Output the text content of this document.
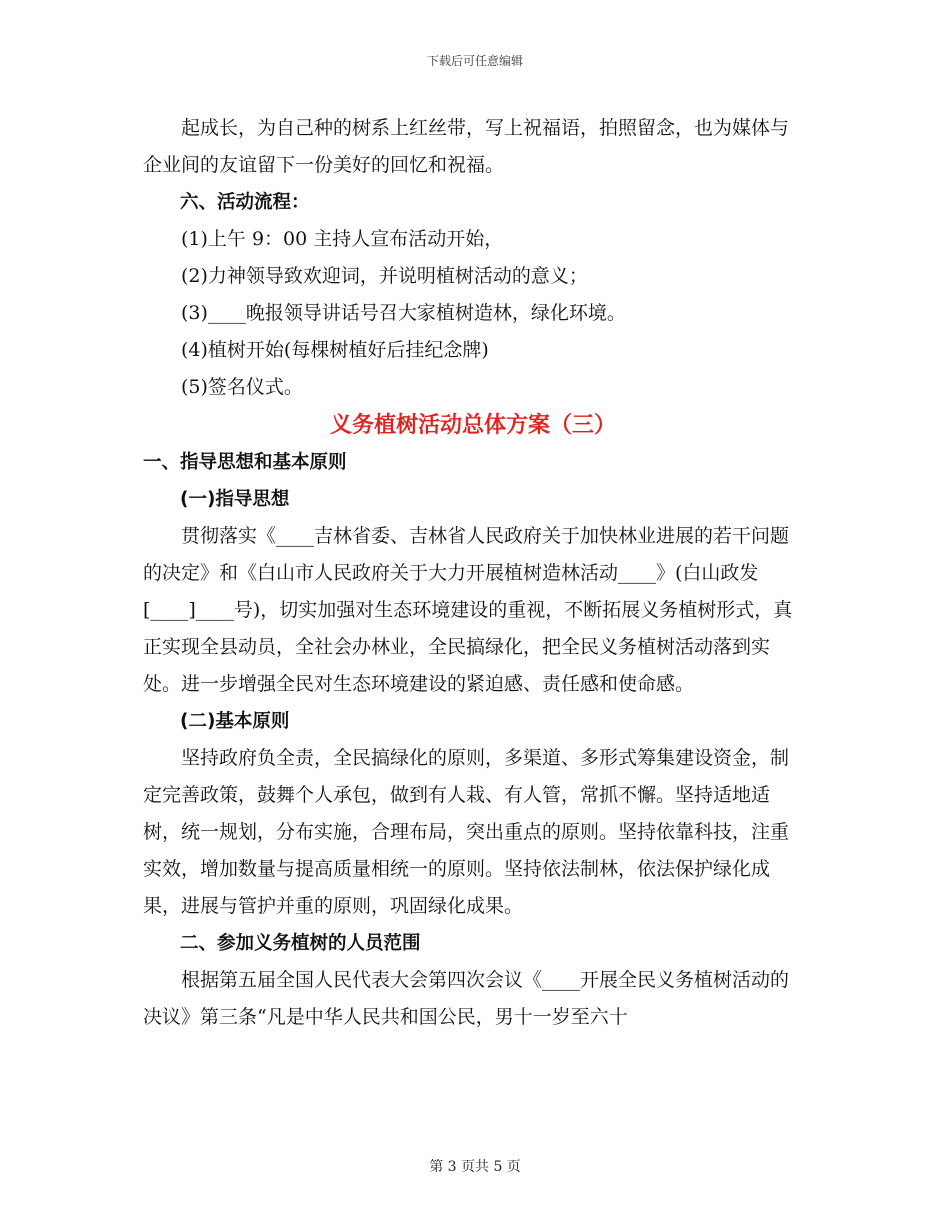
下载后可任意编辑

起成长，为自己种的树系上红丝带，写上祝福语，拍照留念，也为媒体与企业间的友谊留下一份美好的回忆和祝福。

六、活动流程：

(1)上午 9：00 主持人宣布活动开始，

(2)力神领导致欢迎词，并说明植树活动的意义；

(3)____晚报领导讲话号召大家植树造林，绿化环境。

(4)植树开始(每棵树植好后挂纪念牌)

(5)签名仪式。

义务植树活动总体方案（三）

一、指导思想和基本原则

(一)指导思想

贯彻落实《____吉林省委、吉林省人民政府关于加快林业进展的若干问题的决定》和《白山市人民政府关于大力开展植树造林活动____》(白山政发[____]____号)，切实加强对生态环境建设的重视，不断拓展义务植树形式，真正实现全县动员，全社会办林业，全民搞绿化，把全民义务植树活动落到实处。进一步增强全民对生态环境建设的紧迫感、责任感和使命感。

(二)基本原则

坚持政府负全责，全民搞绿化的原则，多渠道、多形式筹集建设资金，制定完善政策，鼓舞个人承包，做到有人栽、有人管，常抓不懈。坚持适地适树，统一规划，分布实施，合理布局，突出重点的原则。坚持依靠科技，注重实效，增加数量与提高质量相统一的原则。坚持依法制林，依法保护绿化成果，进展与管护并重的原则，巩固绿化成果。

二、参加义务植树的人员范围

根据第五届全国人民代表大会第四次会议《____开展全民义务植树活动的决议》第三条“凡是中华人民共和国公民，男十一岁至六十

第 3 页共 5 页
